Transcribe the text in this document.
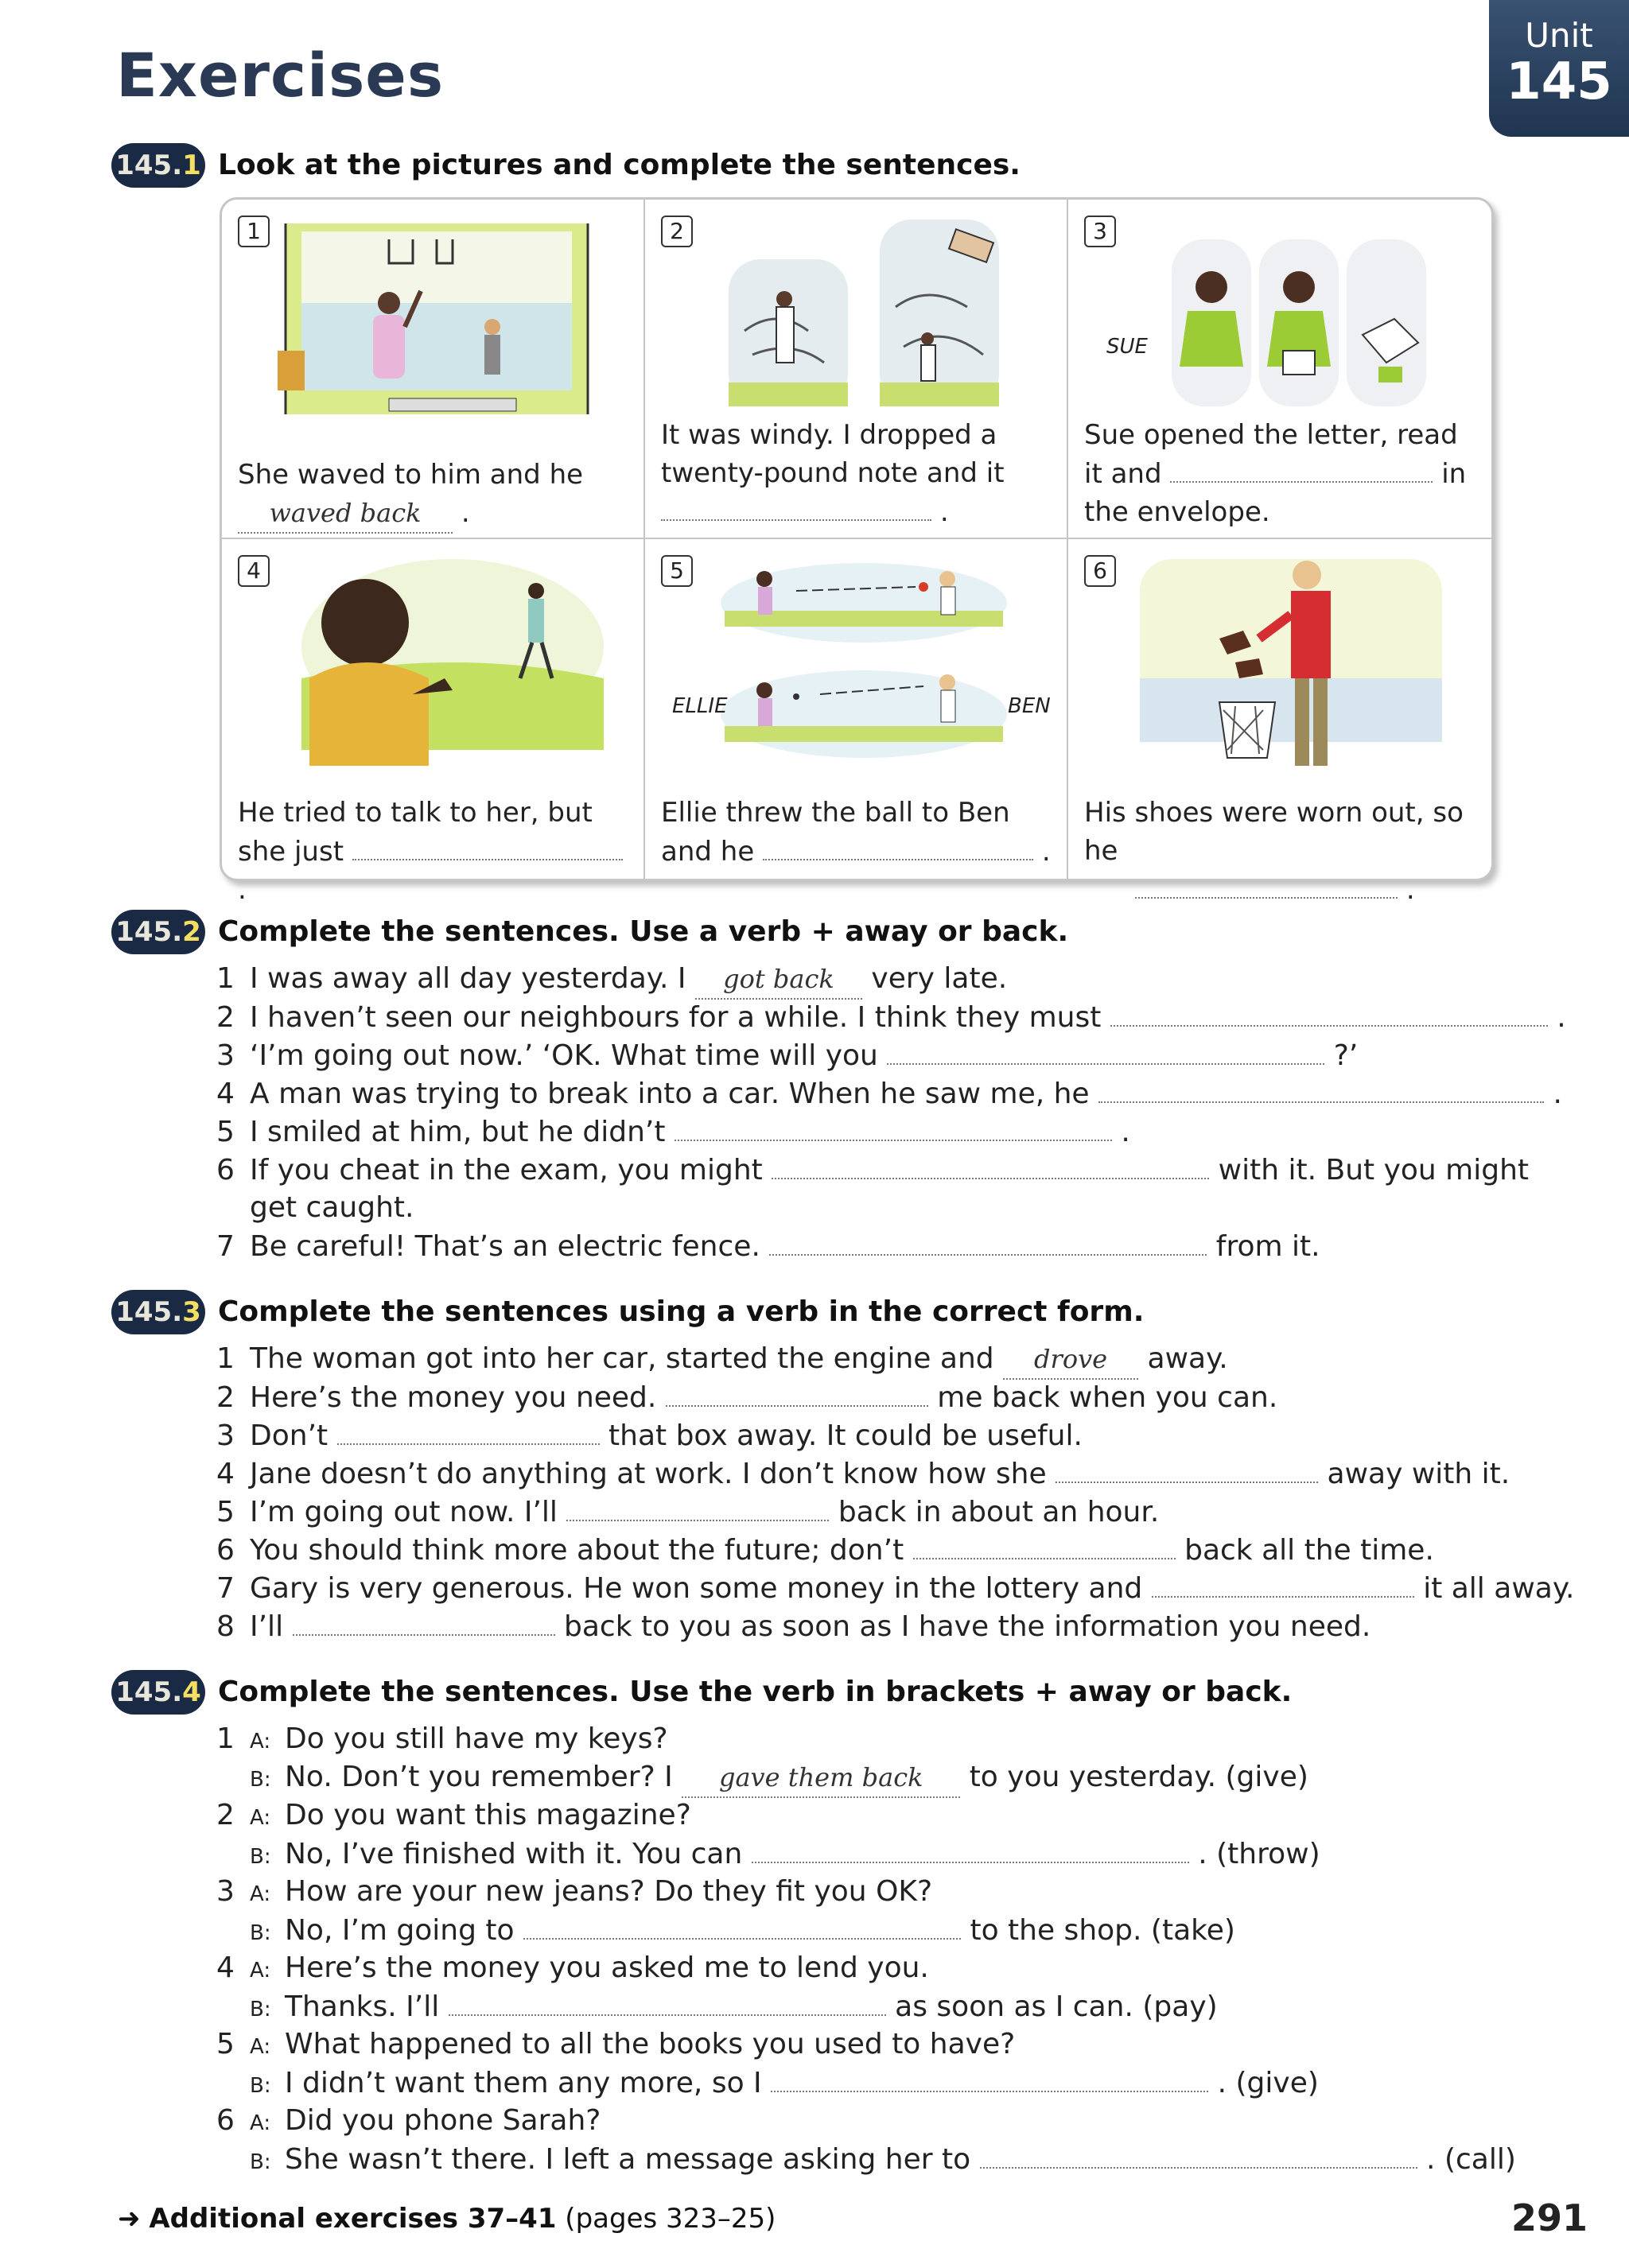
Exercises
Unit
145
145.1 Look at the pictures and complete the sentences.
1
She waved to him and he
waved back .
2
It was windy. I dropped a twenty-pound note and it
.
3
SUE
Sue opened the letter, read it and	in the envelope.
4
He tried to talk to her, but she just  .
5
ELLIE	BEN
Ellie threw the ball to Ben and he	.
6
His shoes were worn out, so he
.
145.2 Complete the sentences. Use a verb + away or back.
1 I was away all day yesterday. I got back very late.
2 I haven’t seen our neighbours for a while. I think they must	.
3 ‘I’m going out now.’ ‘OK. What time will you	?’
4 A man was trying to break into a car. When he saw me, he	.
5 I smiled at him, but he didn’t	.
6 If you cheat in the exam, you might	with it. But you might
get caught.
7 Be careful! That’s an electric fence.	from it.
145.3 Complete the sentences using a verb in the correct form.
1 The woman got into her car, started the engine and drove away.
2 Here’s the money you need.	me back when you can.
3 Don’t	that box away. It could be useful.
4 Jane doesn’t do anything at work. I don’t know how she	away with it.
5 I’m going out now. I’ll	back in about an hour.
6 You should think more about the future; don’t	back all the time.
7 Gary is very generous. He won some money in the lottery and	it all away.
8 I’ll	back to you as soon as I have the information you need.
145.4 Complete the sentences. Use the verb in brackets + away or back.
1 A: Do you still have my keys?
B: No. Don’t you remember? I gave them back to you yesterday. (give)
2 A: Do you want this magazine?
B: No, I’ve finished with it. You can	. (throw)
3 A: How are your new jeans? Do they fit you OK?
B: No, I’m going to	to the shop. (take)
4 A: Here’s the money you asked me to lend you.
B: Thanks. I’ll	as soon as I can. (pay)
5 A: What happened to all the books you used to have?
B: I didn’t want them any more, so I	. (give)
6 A: Did you phone Sarah?
B: She wasn’t there. I left a message asking her to	. (call)
➜ Additional exercises 37–41 (pages 323–25)	291
